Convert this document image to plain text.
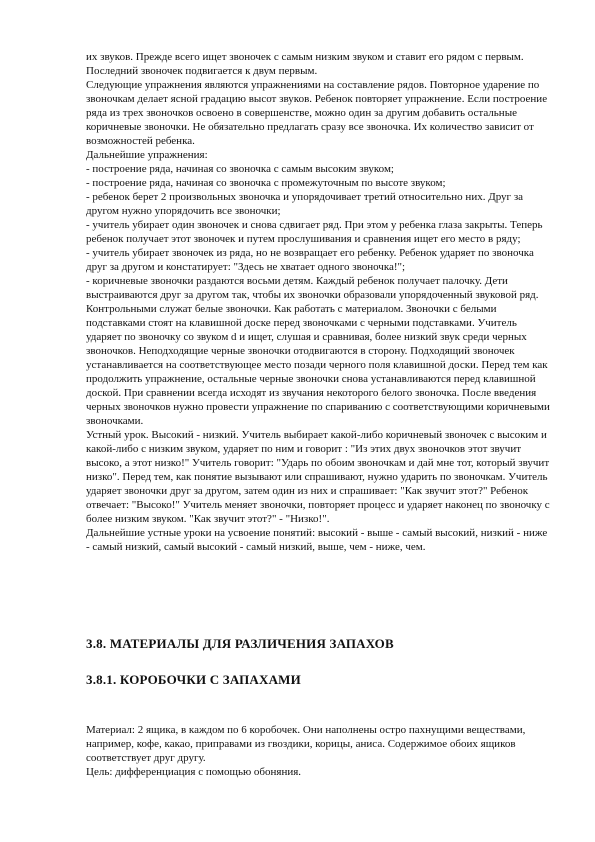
их звуков. Прежде всего ищет звоночек с самым низким звуком и ставит его рядом с первым. Последний звоночек подвигается к двум первым.

Следующие упражнения являются упражнениями на составление рядов. Повторное ударение по звоночкам делает ясной градацию высот звуков. Ребенок повторяет упражнение. Если построение ряда из трех звоночков освоено в совершенстве, можно один за другим добавить остальные коричневые звоночки. Не обязательно предлагать сразу все звоночка. Их количество зависит от возможностей ребенка.

Дальнейшие упражнения:

- построение ряда, начиная со звоночка с самым высоким звуком;

- построение ряда, начиная со звоночка с промежуточным по высоте звуком;

- ребенок берет 2 произвольных звоночка и упорядочивает третий относительно них. Друг за другом нужно упорядочить все звоночки;

- учитель убирает один звоночек и снова сдвигает ряд. При этом у ребенка глаза закрыты. Теперь ребенок получает этот звоночек и путем прослушивания и сравнения ищет его место в ряду;

- учитель убирает звоночек из ряда, но не возвращает его ребенку. Ребенок ударяет по звоночка друг за другом и констатирует: "Здесь не хватает одного звоночка!";

- коричневые звоночки раздаются восьми детям. Каждый ребенок получает палочку. Дети выстраиваются друг за другом так, чтобы их звоночки образовали упорядоченный звуковой ряд. Контрольными служат белые звоночки. Как работать с материалом. Звоночки с белыми подставками стоят на клавишной доске перед звоночками с черными подставками. Учитель ударяет по звоночку со звуком d и ищет, слушая и сравнивая, более низкий звук среди черных звоночков. Неподходящие черные звоночки отодвигаются в сторону. Подходящий звоночек устанавливается на соответствующее место позади черного поля клавишной доски. Перед тем как продолжить упражнение, остальные черные звоночки снова устанавливаются перед клавишной доской. При сравнении всегда исходят из звучания некоторого белого звоночка. После введения черных звоночков нужно провести упражнение по спариванию с соответствующими коричневыми звоночками.

Устный урок. Высокий - низкий. Учитель выбирает какой-либо коричневый звоночек с высоким и какой-либо с низким звуком, ударяет по ним и говорит : "Из этих двух звоночков этот звучит высоко, а этот низко!" Учитель говорит: "Ударь по обоим звоночкам и дай мне тот, который звучит низко". Перед тем, как понятие вызывают или спрашивают, нужно ударить по звоночкам. Учитель ударяет звоночки друг за другом, затем один из них и спрашивает: "Как звучит этот?" Ребенок отвечает: "Высоко!" Учитель меняет звоночки, повторяет процесс и ударяет наконец по звоночку с более низким звуком. "Как звучит этот?" - "Низко!".

Дальнейшие устные уроки на усвоение понятий: высокий - выше - самый высокий, низкий - ниже - самый низкий, самый высокий - самый низкий, выше, чем - ниже, чем.

3.8. МАТЕРИАЛЫ ДЛЯ РАЗЛИЧЕНИЯ ЗАПАХОВ
3.8.1. КОРОБОЧКИ С ЗАПАХАМИ

Материал: 2 ящика, в каждом по 6 коробочек. Они наполнены остро пахнущими веществами, например, кофе, какао, приправами из гвоздики, корицы, аниса. Содержимое обоих ящиков соответствует друг другу.

Цель: дифференциация с помощью обоняния.
